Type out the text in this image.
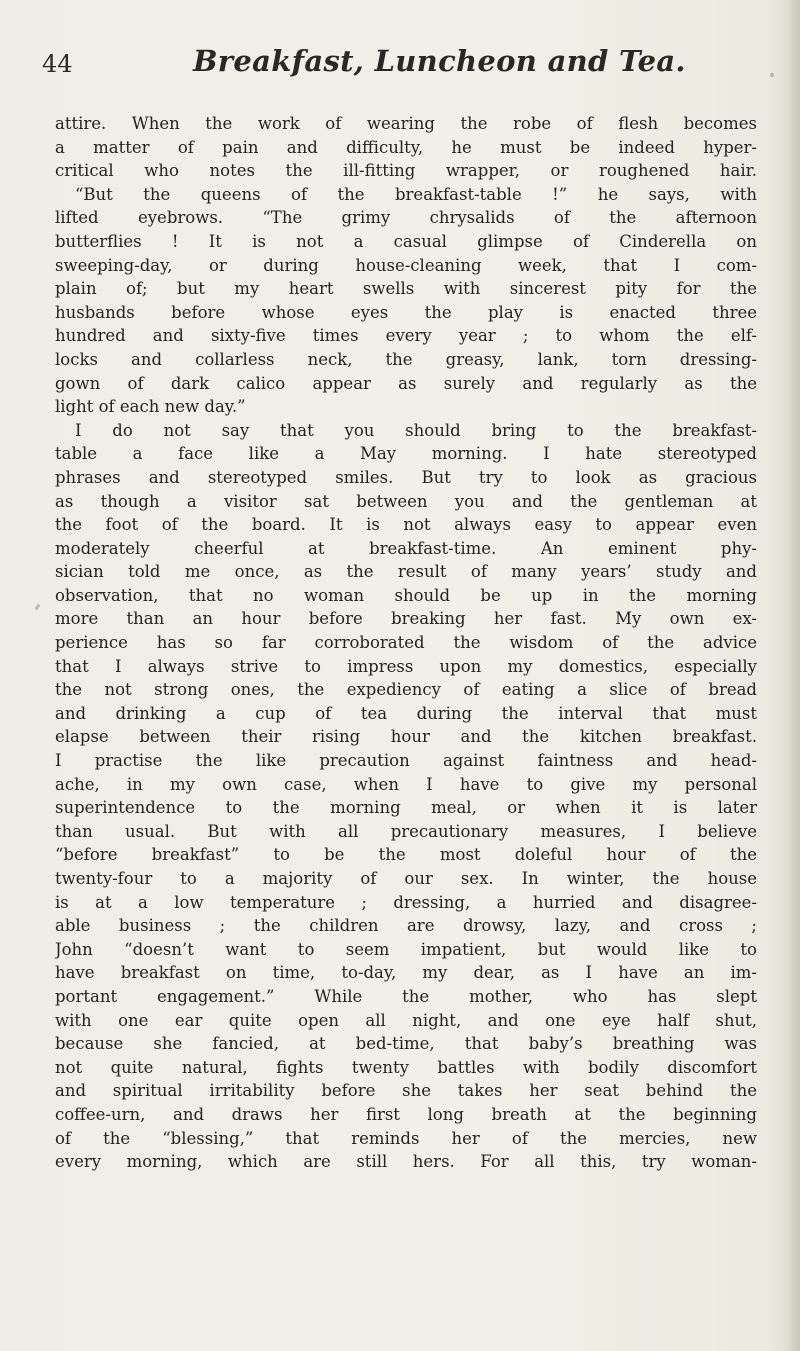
44	Breakfast, Luncheon and Tea.
attire. When the work of wearing the robe of flesh becomes
a matter of pain and difficulty, he must be indeed hyper-
critical who notes the ill-fitting wrapper, or roughened hair.
“But the queens of the breakfast-table !” he says, with
lifted eyebrows. “The grimy chrysalids of the afternoon
butterflies ! It is not a casual glimpse of Cinderella on
sweeping-day, or during house-cleaning week, that I com-
plain of; but my heart swells with sincerest pity for the
husbands before whose eyes the play is enacted three
hundred and sixty-five times every year ; to whom the elf-
locks and collarless neck, the greasy, lank, torn dressing-
gown of dark calico appear as surely and regularly as the
light of each new day.”
I do not say that you should bring to the breakfast-
table a face like a May morning. I hate stereotyped
phrases and stereotyped smiles. But try to look as gracious
as though a visitor sat between you and the gentleman at
the foot of the board. It is not always easy to appear even
moderately cheerful at breakfast-time. An eminent phy-
sician told me once, as the result of many years’ study and
observation, that no woman should be up in the morning
more than an hour before breaking her fast. My own ex-
perience has so far corroborated the wisdom of the advice
that I always strive to impress upon my domestics, especially
the not strong ones, the expediency of eating a slice of bread
and drinking a cup of tea during the interval that must
elapse between their rising hour and the kitchen breakfast.
I practise the like precaution against faintness and head-
ache, in my own case, when I have to give my personal
superintendence to the morning meal, or when it is later
than usual. But with all precautionary measures, I believe
“before breakfast” to be the most doleful hour of the
twenty-four to a majority of our sex. In winter, the house
is at a low temperature ; dressing, a hurried and disagree-
able business ; the children are drowsy, lazy, and cross ;
John “doesn’t want to seem impatient, but would like to
have breakfast on time, to-day, my dear, as I have an im-
portant engagement.” While the mother, who has slept
with one ear quite open all night, and one eye half shut,
because she fancied, at bed-time, that baby’s breathing was
not quite natural, fights twenty battles with bodily discomfort
and spiritual irritability before she takes her seat behind the
coffee-urn, and draws her first long breath at the beginning
of the “blessing,” that reminds her of the mercies, new
every morning, which are still hers. For all this, try woman-
